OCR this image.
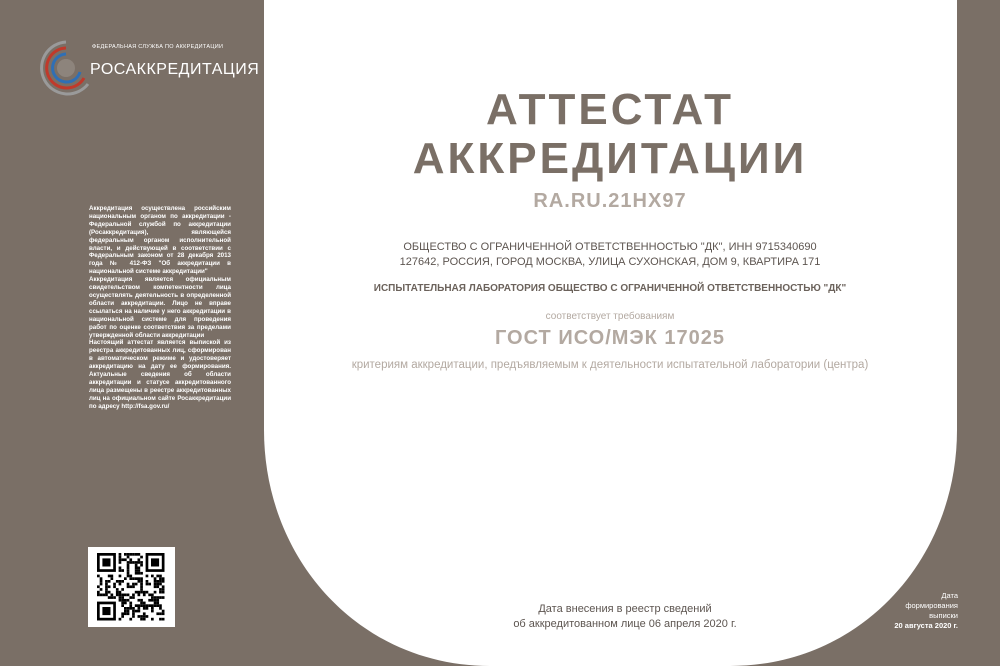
ФЕДЕРАЛЬНАЯ СЛУЖБА ПО АККРЕДИТАЦИИ
РОСАККРЕДИТАЦИЯ

Аккредитация осуществлена российским национальным органом по аккредитации - Федеральной службой по аккредитации (Росаккредитация), являющейся федеральным органом исполнительной власти, и действующей в соответствии с Федеральным законом от 28 декабря 2013 года № 412-ФЗ "Об аккредитации в национальной системе аккредитации"

Аккредитация является официальным свидетельством компетентности лица осуществлять деятельность в определенной области аккредитации. Лицо не вправе ссылаться на наличие у него аккредитации в национальной системе для проведения работ по оценке соответствия за пределами утвержденной области аккредитации

Настоящий аттестат является выпиской из реестра аккредитованных лиц, сформирован в автоматическом режиме и удостоверяет аккредитацию на дату ее формирования. Актуальные сведения об области аккредитации и статусе аккредитованного лица размещены в реестре аккредитованных лиц на официальном сайте Росаккредитации по адресу http://fsa.gov.ru/

АТТЕСТАТ
АККРЕДИТАЦИИ
RA.RU.21HX97
ОБЩЕСТВО С ОГРАНИЧЕННОЙ ОТВЕТСТВЕННОСТЬЮ "ДК", ИНН 9715340690
127642, РОССИЯ, ГОРОД МОСКВА, УЛИЦА СУХОНСКАЯ, ДОМ 9, КВАРТИРА 171
ИСПЫТАТЕЛЬНАЯ ЛАБОРАТОРИЯ ОБЩЕСТВО С ОГРАНИЧЕННОЙ ОТВЕТСТВЕННОСТЬЮ "ДК"
соответствует требованиям
ГОСТ ИСО/МЭК 17025
критериям аккредитации, предъявляемым к деятельности испытательной лаборатории (центра)
Дата внесения в реестр сведений
об аккредитованном лице 06 апреля 2020 г.
Дата
формирования
выписки
20 августа 2020 г.
